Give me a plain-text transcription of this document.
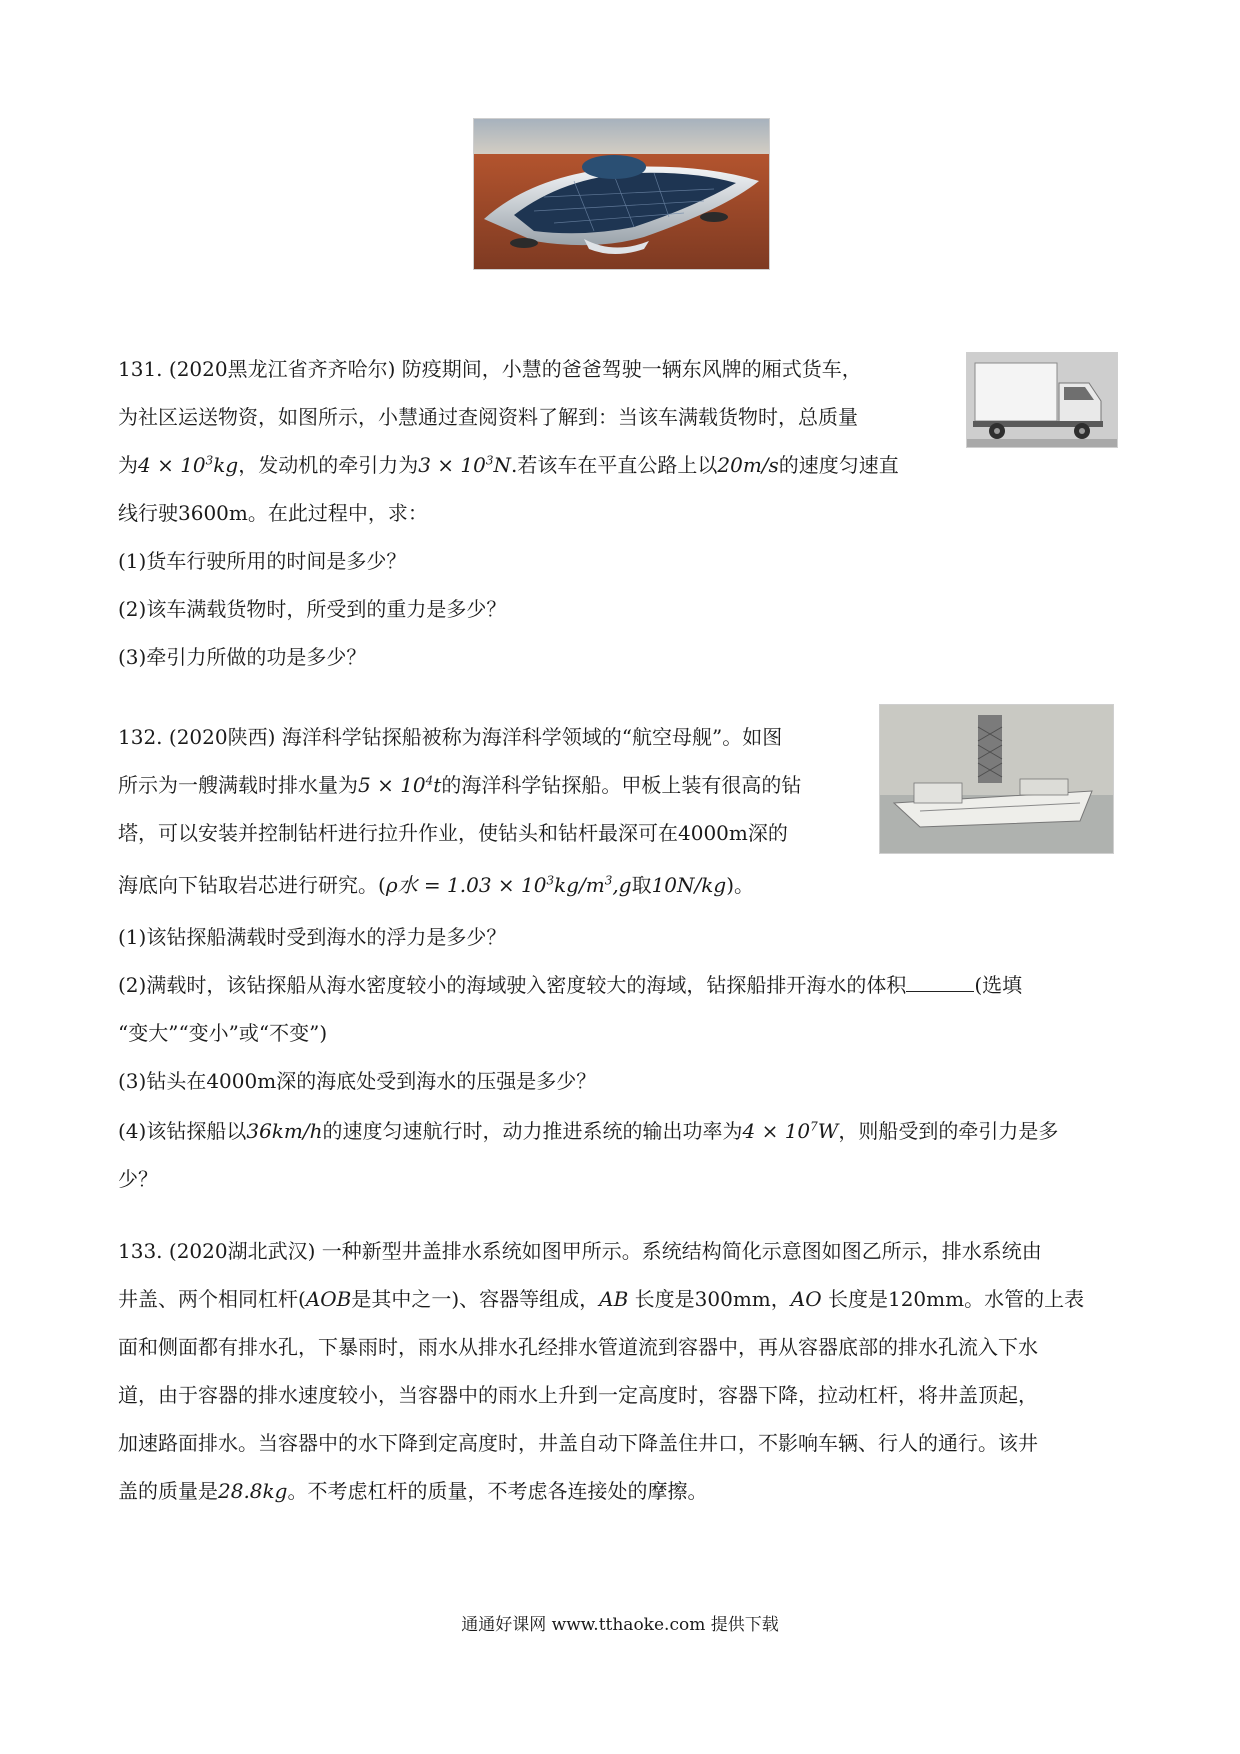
131. (2020黑龙江省齐齐哈尔) 防疫期间，小慧的爸爸驾驶一辆东风牌的厢式货车，

为社区运送物资，如图所示，小慧通过查阅资料了解到：当该车满载货物时，总质量

为$4 \times 10^3kg$，发动机的牵引力为$3 \times 10^3N$.若该车在平直公路上以20m/s的速度匀速直

线行驶3600m。在此过程中，求：

(1)货车行驶所用的时间是多少？

(2)该车满载货物时，所受到的重力是多少？

(3)牵引力所做的功是多少？

132. (2020陕西) 海洋科学钻探船被称为海洋科学领域的“航空母舰”。如图

所示为一艘满载时排水量为$5 \times 10^4t$的海洋科学钻探船。甲板上装有很高的钻

塔，可以安装并控制钻杆进行拉升作业，使钻头和钻杆最深可在4000m深的

海底向下钻取岩芯进行研究。(ρ水 = $1.03 \times 10^3kg/m^3,g$取10N/kg)。

(1)该钻探船满载时受到海水的浮力是多少？

(2)满载时，该钻探船从海水密度较小的海域驶入密度较大的海域，钻探船排开海水的体积	(选填

“变大”“变小”或“不变”)

(3)钻头在4000m深的海底处受到海水的压强是多少？

(4)该钻探船以36km/h的速度匀速航行时，动力推进系统的输出功率为$4 \times 10^7W$，则船受到的牵引力是多

少？

133. (2020湖北武汉) 一种新型井盖排水系统如图甲所示。系统结构简化示意图如图乙所示，排水系统由

井盖、两个相同杠杆(AOB是其中之一)、容器等组成，AB 长度是300mm，AO 长度是120mm。水管的上表

面和侧面都有排水孔，下暴雨时，雨水从排水孔经排水管道流到容器中，再从容器底部的排水孔流入下水

道，由于容器的排水速度较小，当容器中的雨水上升到一定高度时，容器下降，拉动杠杆，将井盖顶起，

加速路面排水。当容器中的水下降到定高度时，井盖自动下降盖住井口，不影响车辆、行人的通行。该井

盖的质量是28.8kg。不考虑杠杆的质量，不考虑各连接处的摩擦。

通通好课网 www.tthaoke.com 提供下载
